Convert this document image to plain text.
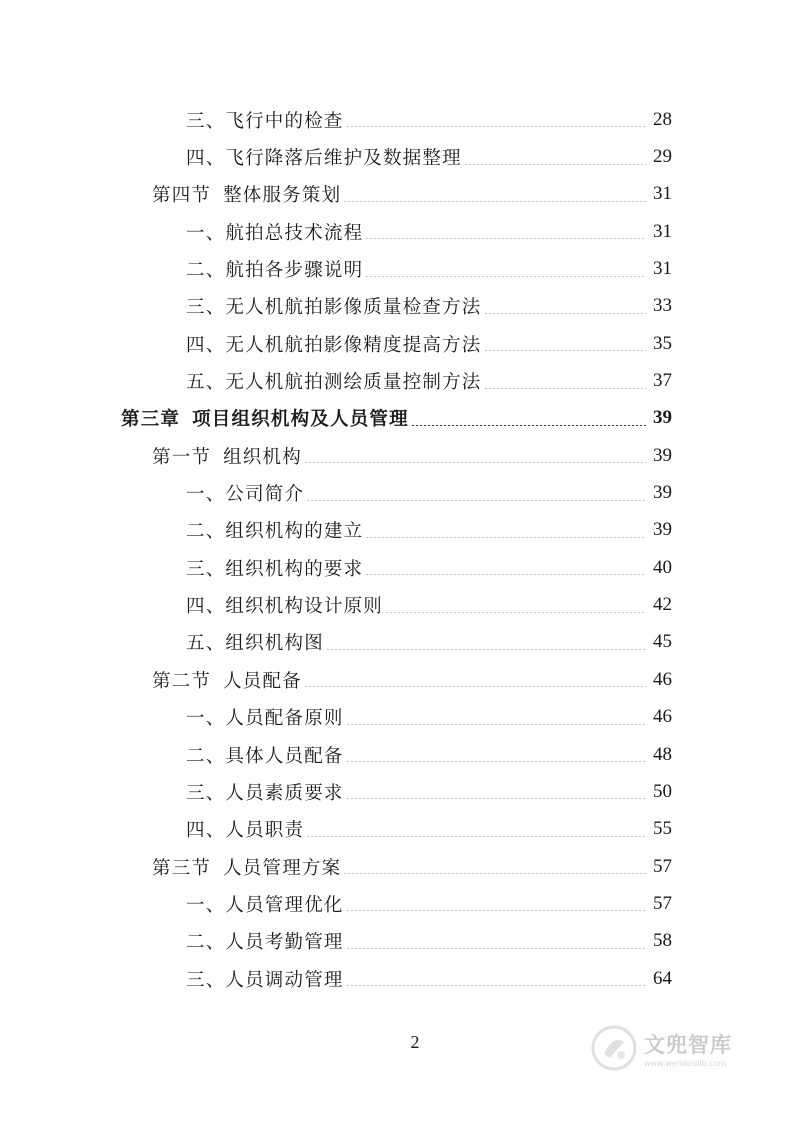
三、飞行中的检查	28
四、飞行降落后维护及数据整理	29
第四节 整体服务策划	31
一、航拍总技术流程	31
二、航拍各步骤说明	31
三、无人机航拍影像质量检查方法	33
四、无人机航拍影像精度提高方法	35
五、无人机航拍测绘质量控制方法	37
第三章 项目组织机构及人员管理	39
第一节 组织机构	39
一、公司简介	39
二、组织机构的建立	39
三、组织机构的要求	40
四、组织机构设计原则	42
五、组织机构图	45
第二节 人员配备	46
一、人员配备原则	46
二、具体人员配备	48
三、人员素质要求	50
四、人员职责	55
第三节 人员管理方案	57
一、人员管理优化	57
二、人员考勤管理	58
三、人员调动管理	64
2	文兜智库
www.wendoulib.com
